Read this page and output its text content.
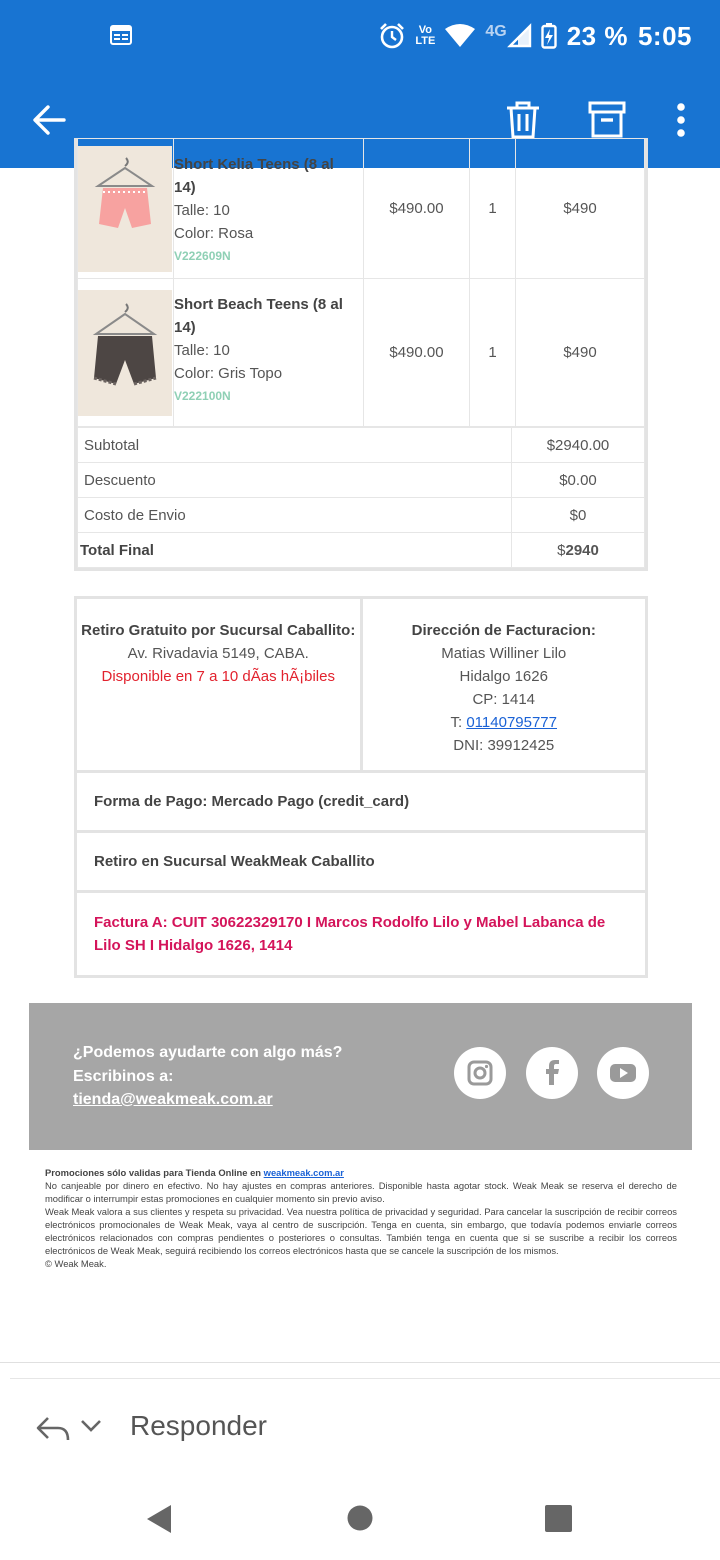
Vo
LTE
4G 23 % 5:05

Short Kelia Teens (8 al 14)
Talle: 10
Color: Rosa
V222609N	$490.00	1	$490

Short Beach Teens (8 al 14)
Talle: 10
Color: Gris Topo
V222100N	$490.00	1	$490
Subtotal	$2940.00
Descuento	$0.00
Costo de Envio	$0
Total Final	$2940
Retiro Gratuito por Sucursal Caballito:
Av. Rivadavia 5149, CABA.
Disponible en 7 a 10 dÃas hÃ¡biles
Dirección de Facturacion:
Matias Williner Lilo
Hidalgo 1626
CP: 1414
T: 01140795777
DNI: 39912425
Forma de Pago: Mercado Pago (credit_card)
Retiro en Sucursal WeakMeak Caballito
Factura A: CUIT 30622329170 I Marcos Rodolfo Lilo y Mabel Labanca de Lilo SH I Hidalgo 1626, 1414
¿Podemos ayudarte con algo más?
Escribinos a:
tienda@weakmeak.com.ar
Promociones sólo validas para Tienda Online en weakmeak.com.ar
No canjeable por dinero en efectivo. No hay ajustes en compras anteriores. Disponible hasta agotar stock. Weak Meak se reserva el derecho de modificar o interrumpir estas promociones en cualquier momento sin previo aviso.
Weak Meak valora a sus clientes y respeta su privacidad. Vea nuestra política de privacidad y seguridad. Para cancelar la suscripción de recibir correos electrónicos promocionales de Weak Meak, vaya al centro de suscripción. Tenga en cuenta, sin embargo, que todavía podemos enviarle correos electrónicos relacionados con compras pendientes o posteriores o consultas. También tenga en cuenta que si se suscribe a recibir los correos electrónicos de Weak Meak, seguirá recibiendo los correos electrónicos hasta que se cancele la suscripción de los mismos.
© Weak Meak.
Responder
